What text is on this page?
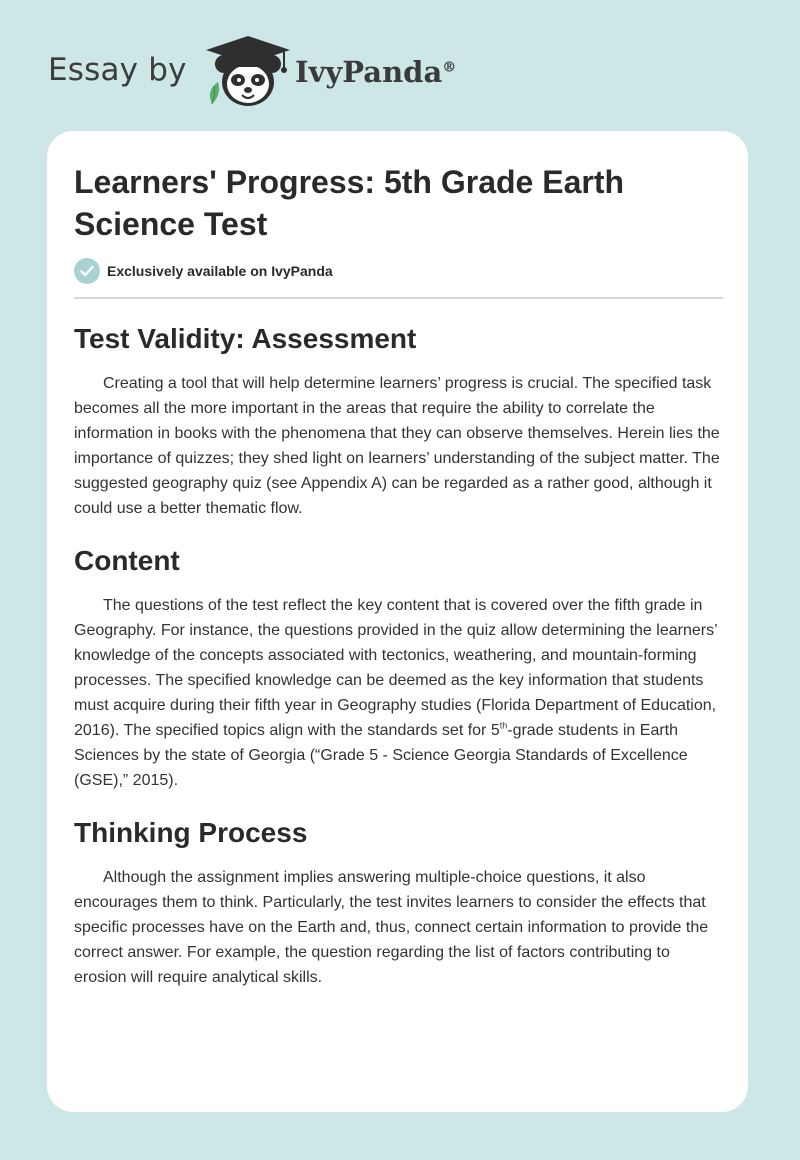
Essay by	IvyPanda®
Learners' Progress: 5th Grade Earth Science Test
Exclusively available on IvyPanda
Test Validity: Assessment

Creating a tool that will help determine learners’ progress is crucial. The specified task becomes all the more important in the areas that require the ability to correlate the information in books with the phenomena that they can observe themselves. Herein lies the importance of quizzes; they shed light on learners’ understanding of the subject matter. The suggested geography quiz (see Appendix A) can be regarded as a rather good, although it could use a better thematic flow.

Content

The questions of the test reflect the key content that is covered over the fifth grade in Geography. For instance, the questions provided in the quiz allow determining the learners’ knowledge of the concepts associated with tectonics, weathering, and mountain-forming processes. The specified knowledge can be deemed as the key information that students must acquire during their fifth year in Geography studies (Florida Department of Education, 2016). The specified topics align with the standards set for 5th-grade students in Earth Sciences by the state of Georgia (“Grade 5 - Science Georgia Standards of Excellence (GSE),” 2015).

Thinking Process

Although the assignment implies answering multiple-choice questions, it also encourages them to think. Particularly, the test invites learners to consider the effects that specific processes have on the Earth and, thus, connect certain information to provide the correct answer. For example, the question regarding the list of factors contributing to erosion will require analytical skills.
